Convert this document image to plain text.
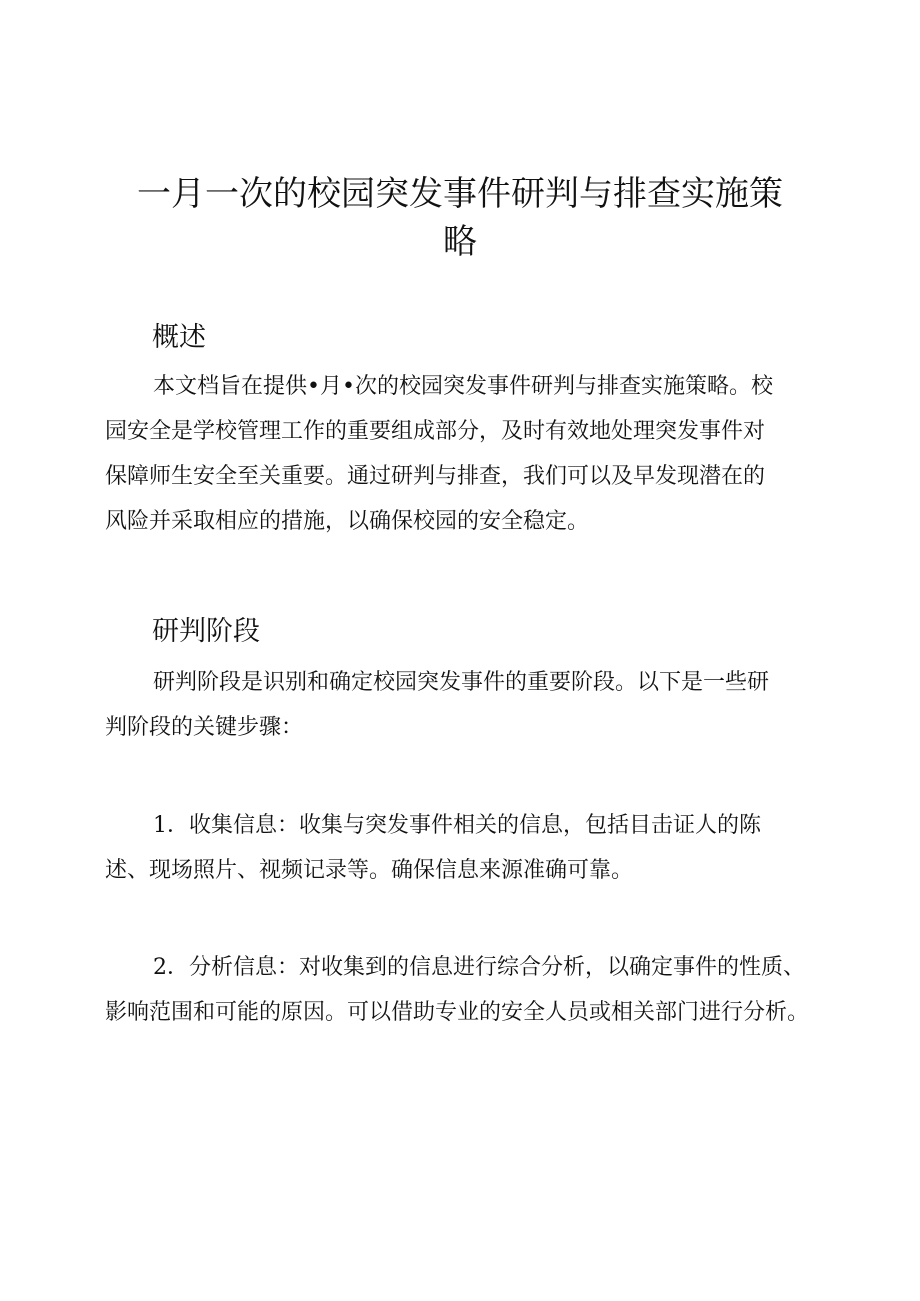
一月一次的校园突发事件研判与排查实施策
略
概述
本文档旨在提供•月•次的校园突发事件研判与排查实施策略。校
园安全是学校管理工作的重要组成部分，及时有效地处理突发事件对
保障师生安全至关重要。通过研判与排查，我们可以及早发现潜在的
风险并采取相应的措施，以确保校园的安全稳定。
研判阶段
研判阶段是识别和确定校园突发事件的重要阶段。以下是一些研
判阶段的关键步骤：
1．收集信息：收集与突发事件相关的信息，包括目击证人的陈
述、现场照片、视频记录等。确保信息来源准确可靠。
2．分析信息：对收集到的信息进行综合分析，以确定事件的性质、
影响范围和可能的原因。可以借助专业的安全人员或相关部门进行分析。
